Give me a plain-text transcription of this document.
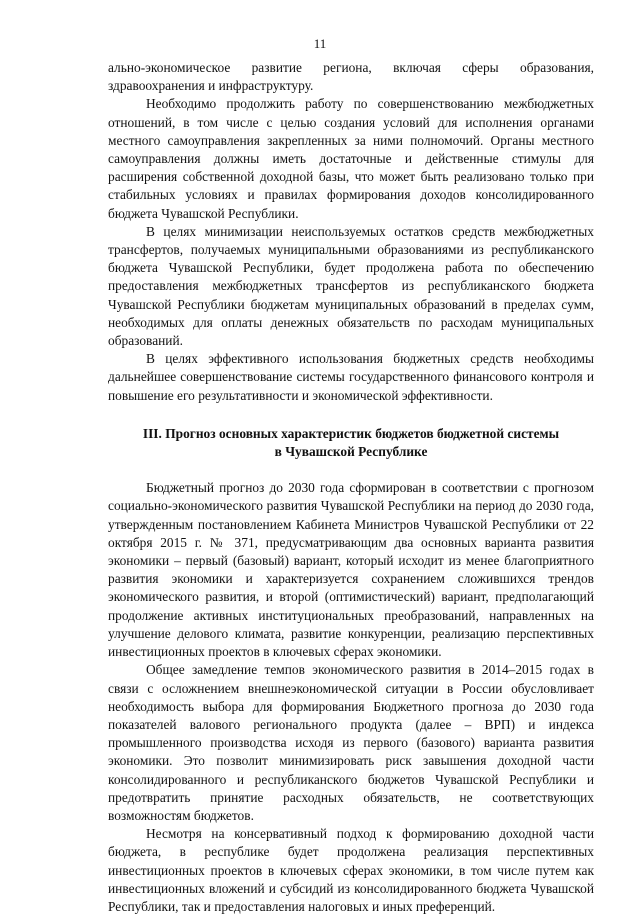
11

ально-экономическое развитие региона, включая сферы образования, здравоохранения и инфраструктуру.

Необходимо продолжить работу по совершенствованию межбюджетных отношений, в том числе с целью создания условий для исполнения органами местного самоуправления закрепленных за ними полномочий. Органы местного самоуправления должны иметь достаточные и действенные стимулы для расширения собственной доходной базы, что может быть реализовано только при стабильных условиях и правилах формирования доходов консолидированного бюджета Чувашской Республики.

В целях минимизации неиспользуемых остатков средств межбюджетных трансфертов, получаемых муниципальными образованиями из республиканского бюджета Чувашской Республики, будет продолжена работа по обеспечению предоставления межбюджетных трансфертов из республиканского бюджета Чувашской Республики бюджетам муниципальных образований в пределах сумм, необходимых для оплаты денежных обязательств по расходам муниципальных образований.

В целях эффективного использования бюджетных средств необходимы дальнейшее совершенствование системы государственного финансового контроля и повышение его результативности и экономической эффективности.

III. Прогноз основных характеристик бюджетов бюджетной системы
в Чувашской Республике

Бюджетный прогноз до 2030 года сформирован в соответствии с прогнозом социально-экономического развития Чувашской Республики на период до 2030 года, утвержденным постановлением Кабинета Министров Чувашской Республики от 22 октября 2015 г. № 371, предусматривающим два основных варианта развития экономики – первый (базовый) вариант, который исходит из менее благоприятного развития экономики и характеризуется сохранением сложившихся трендов экономического развития, и второй (оптимистический) вариант, предполагающий продолжение активных институциональных преобразований, направленных на улучшение делового климата, развитие конкуренции, реализацию перспективных инвестиционных проектов в ключевых сферах экономики.

Общее замедление темпов экономического развития в 2014–2015 годах в связи с осложнением внешнеэкономической ситуации в России обусловливает необходимость выбора для формирования Бюджетного прогноза до 2030 года показателей валового регионального продукта (далее – ВРП) и индекса промышленного производства исходя из первого (базового) варианта развития экономики. Это позволит минимизировать риск завышения доходной части консолидированного и республиканского бюджетов Чувашской Республики и предотвратить принятие расходных обязательств, не соответствующих возможностям бюджетов.

Несмотря на консервативный подход к формированию доходной части бюджета, в республике будет продолжена реализация перспективных инвестиционных проектов в ключевых сферах экономики, в том числе путем как инвестиционных вложений и субсидий из консолидированного бюджета Чувашской Республики, так и предоставления налоговых и иных преференций.
